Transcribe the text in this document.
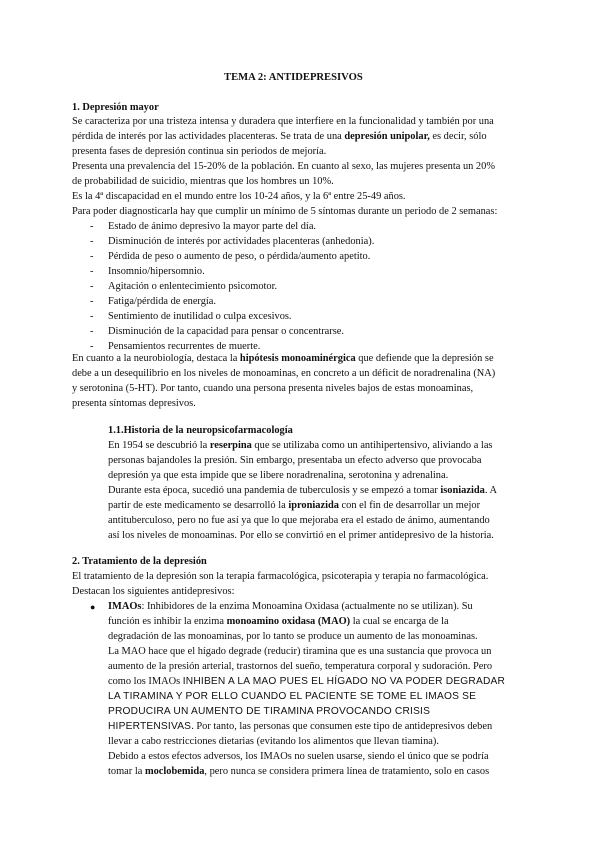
TEMA 2: ANTIDEPRESIVOS
1. Depresión mayor
Se caracteriza por una tristeza intensa y duradera que interfiere en la funcionalidad y también por una
pérdida de interés por las actividades placenteras. Se trata de una depresión unipolar, es decir, sólo
presenta fases de depresión continua sin periodos de mejoría.
Presenta una prevalencia del 15-20% de la población. En cuanto al sexo, las mujeres presenta un 20%
de probabilidad de suicidio, mientras que los hombres un 10%.
Es la 4ª discapacidad en el mundo entre los 10-24 años, y la 6ª entre 25-49 años.
Para poder diagnosticarla hay que cumplir un mínimo de 5 síntomas durante un periodo de 2 semanas:
- Estado de ánimo depresivo la mayor parte del día.
- Disminución de interés por actividades placenteras (anhedonia).
- Pérdida de peso o aumento de peso, o pérdida/aumento apetito.
- Insomnio/hipersomnio.
- Agitación o enlentecimiento psicomotor.
- Fatiga/pérdida de energía.
- Sentimiento de inutilidad o culpa excesivos.
- Disminución de la capacidad para pensar o concentrarse.
- Pensamientos recurrentes de muerte.
En cuanto a la neurobiología, destaca la hipótesis monoaminérgica que defiende que la depresión se
debe a un desequilibrio en los niveles de monoaminas, en concreto a un déficit de noradrenalina (NA)
y serotonina (5-HT). Por tanto, cuando una persona presenta niveles bajos de estas monoaminas,
presenta síntomas depresivos.
1.1.Historia de la neuropsicofarmacología
En 1954 se descubrió la reserpina que se utilizaba como un antihipertensivo, aliviando a las
personas bajandoles la presión. Sin embargo, presentaba un efecto adverso que provocaba
depresión ya que esta impide que se libere noradrenalina, serotonina y adrenalina.
Durante esta época, sucedió una pandemia de tuberculosis y se empezó a tomar isoniazida. A
partir de este medicamento se desarrolló la iproniazida con el fin de desarrollar un mejor
antituberculoso, pero no fue así ya que lo que mejoraba era el estado de ánimo, aumentando
así los niveles de monoaminas. Por ello se convirtió en el primer antidepresivo de la historia.
2. Tratamiento de la depresión
El tratamiento de la depresión son la terapia farmacológica, psicoterapia y terapia no farmacológica.
Destacan los siguientes antidepresivos:
● IMAOs: Inhibidores de la enzima Monoamina Oxidasa (actualmente no se utilizan). Su
función es inhibir la enzima monoamino oxidasa (MAO) la cual se encarga de la
degradación de las monoaminas, por lo tanto se produce un aumento de las monoaminas.
La MAO hace que el hígado degrade (reducir) tiramina que es una sustancia que provoca un
aumento de la presión arterial, trastornos del sueño, temperatura corporal y sudoración. Pero
como los IMAOs INHIBEN A LA MAO PUES EL HÍGADO NO VA PODER DEGRADAR
LA TIRAMINA Y POR ELLO CUANDO EL PACIENTE SE TOME EL IMAOS SE
PRODUCIRA UN AUMENTO DE TIRAMINA PROVOCANDO CRISIS
HIPERTENSIVAS. Por tanto, las personas que consumen este tipo de antidepresivos deben
llevar a cabo restricciones dietarias (evitando los alimentos que llevan tiamina).
Debido a estos efectos adversos, los IMAOs no suelen usarse, siendo el único que se podría
tomar la moclobemida, pero nunca se considera primera línea de tratamiento, solo en casos
